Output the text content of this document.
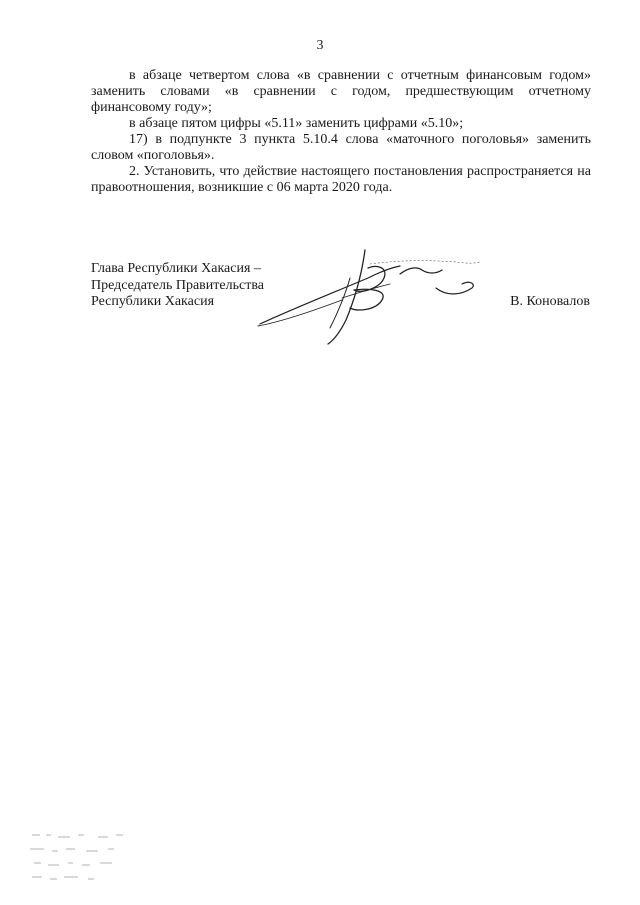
3

в абзаце четвертом слова «в сравнении с отчетным финансовым годом» заменить словами «в сравнении с годом, предшествующим отчетному финансовому году»;

в абзаце пятом цифры «5.11» заменить цифрами «5.10»;

17) в подпункте 3 пункта 5.10.4 слова «маточного поголовья» заменить словом «поголовья».

2. Установить, что действие настоящего постановления распространяется на правоотношения, возникшие с 06 марта 2020 года.

Глава Республики Хакасия –
Председатель Правительства
Республики Хакасия	В. Коновалов
